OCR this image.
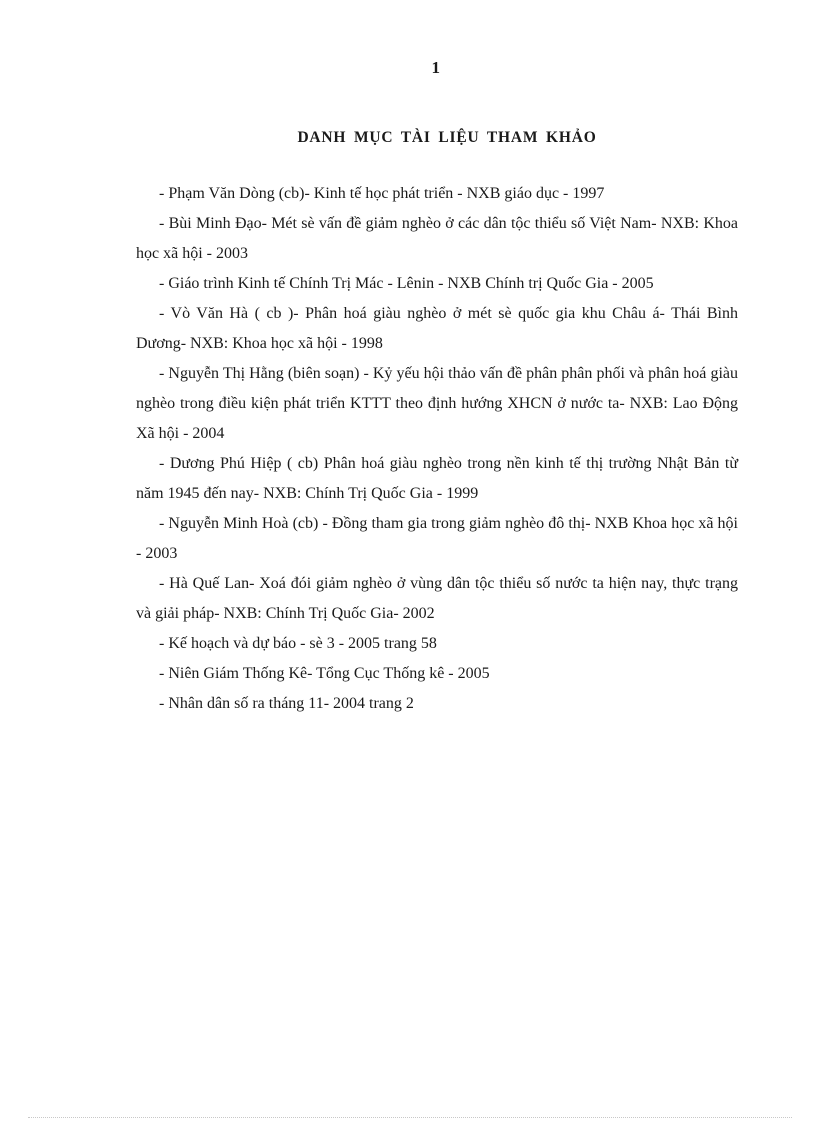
1
DANH MỤC TÀI LIỆU THAM KHẢO
- Phạm Văn Dòng (cb)- Kinh tế học phát triển - NXB giáo dục - 1997
- Bùi Minh Đạo- Mét sè vấn đề giảm nghèo ở các dân tộc thiểu số Việt Nam- NXB: Khoa học xã hội - 2003
- Giáo trình Kinh tế Chính Trị Mác - Lênin - NXB Chính trị Quốc Gia - 2005
- Vò Văn Hà ( cb )- Phân hoá giàu nghèo ở mét sè quốc gia khu Châu á- Thái Bình Dương- NXB: Khoa học xã hội - 1998
- Nguyễn Thị Hằng (biên soạn) - Kỷ yếu hội thảo vấn đề phân phân phối và phân hoá giàu nghèo trong điều kiện phát triển KTTT theo định hướng XHCN ở nước ta- NXB: Lao Động Xã hội - 2004
- Dương Phú Hiệp ( cb) Phân hoá giàu nghèo trong nền kinh tế thị trường Nhật Bản từ năm 1945 đến nay- NXB: Chính Trị Quốc Gia - 1999
- Nguyễn Minh Hoà (cb) - Đồng tham gia trong giảm nghèo đô thị- NXB Khoa học xã hội - 2003
- Hà Quế Lan- Xoá đói giảm nghèo ở vùng dân tộc thiểu số nước ta hiện nay, thực trạng và giải pháp- NXB: Chính Trị Quốc Gia- 2002
- Kế hoạch và dự báo - sè 3 - 2005 trang 58
- Niên Giám Thống Kê- Tổng Cục Thống kê - 2005
- Nhân dân số ra tháng 11- 2004 trang 2
